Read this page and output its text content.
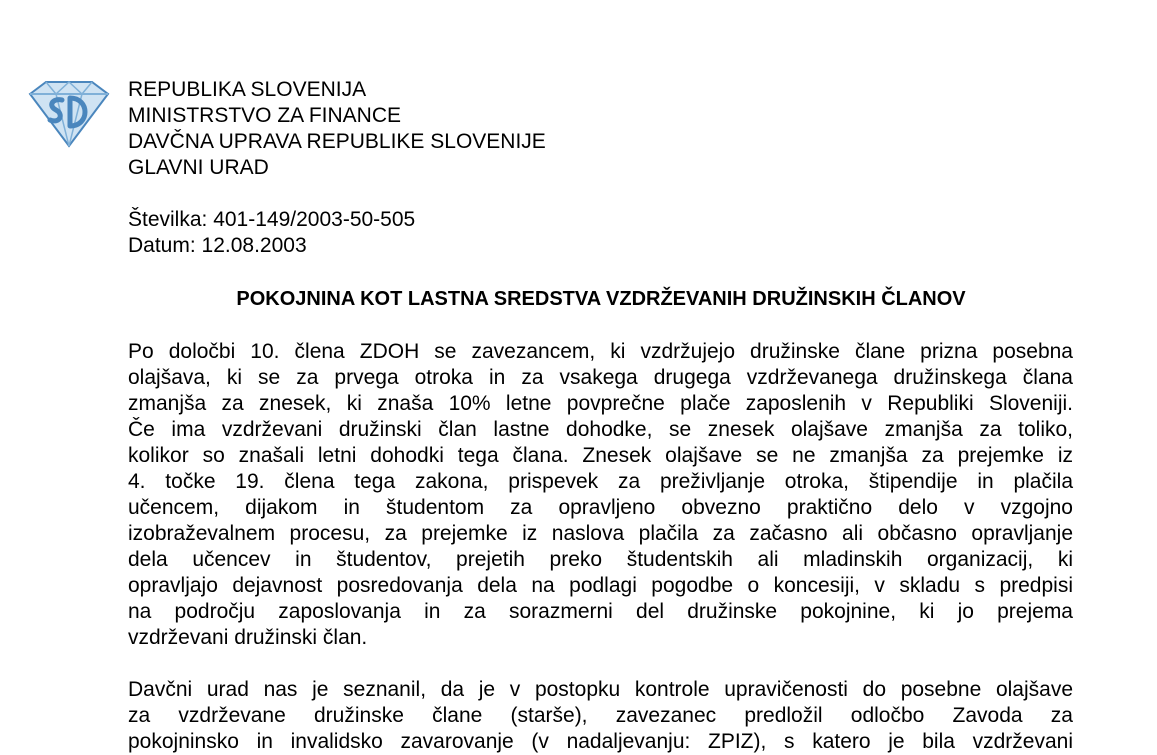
REPUBLIKA SLOVENIJA
MINISTRSTVO ZA FINANCE
DAVČNA UPRAVA REPUBLIKE SLOVENIJE
GLAVNI URAD
Številka: 401-149/2003-50-505
Datum: 12.08.2003
POKOJNINA KOT LASTNA SREDSTVA VZDRŽEVANIH DRUŽINSKIH ČLANOV
Po določbi 10. člena ZDOH se zavezancem, ki vzdržujejo družinske člane prizna posebna
olajšava, ki se za prvega otroka in za vsakega drugega vzdrževanega družinskega člana
zmanjša za znesek, ki znaša 10% letne povprečne plače zaposlenih v Republiki Sloveniji.
Če ima vzdrževani družinski član lastne dohodke, se znesek olajšave zmanjša za toliko,
kolikor so znašali letni dohodki tega člana. Znesek olajšave se ne zmanjša za prejemke iz
4. točke 19. člena tega zakona, prispevek za preživljanje otroka, štipendije in plačila
učencem, dijakom in študentom za opravljeno obvezno praktično delo v vzgojno
izobraževalnem procesu, za prejemke iz naslova plačila za začasno ali občasno opravljanje
dela učencev in študentov, prejetih preko študentskih ali mladinskih organizacij, ki
opravljajo dejavnost posredovanja dela na podlagi pogodbe o koncesiji, v skladu s predpisi
na področju zaposlovanja in za sorazmerni del družinske pokojnine, ki jo prejema
vzdrževani družinski član.
Davčni urad nas je seznanil, da je v postopku kontrole upravičenosti do posebne olajšave
za vzdrževane družinske člane (starše), zavezanec predložil odločbo Zavoda za
pokojninsko in invalidsko zavarovanje (v nadaljevanju: ZPIZ), s katero je bila vzdrževani
